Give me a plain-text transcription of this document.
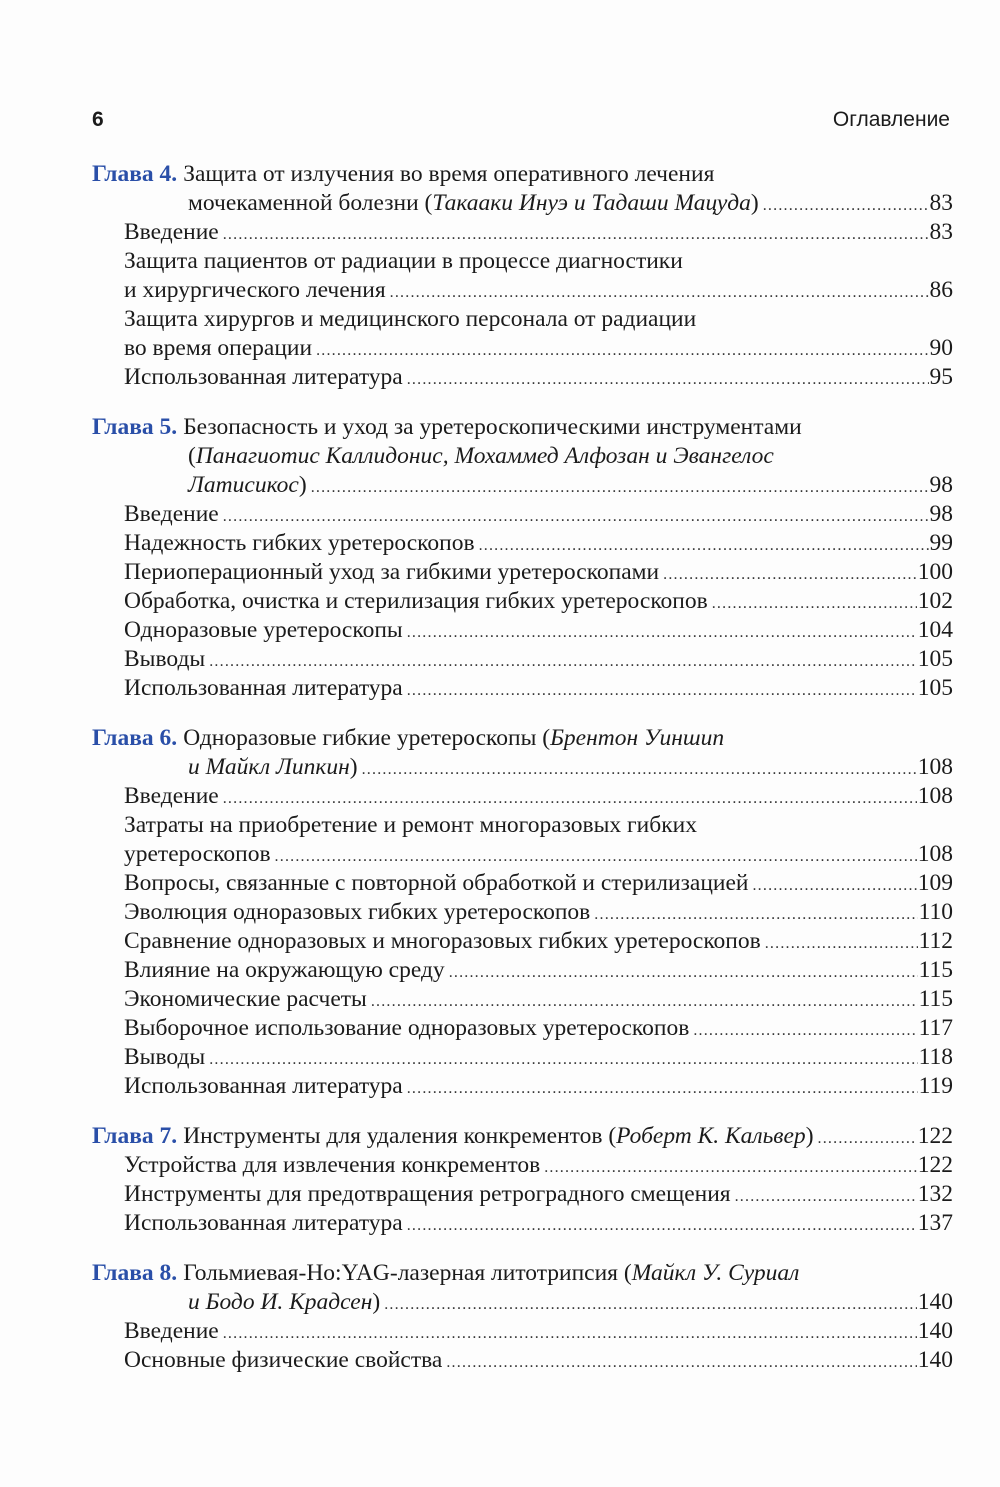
6	Оглавление
Глава 4. Защита от излучения во время оперативного лечения
мочекаменной болезни ( Такааки Инуэ и Тадаши Мацуда ) .....	83
Введение .....	83
Защита пациентов от радиации в процессе диагностики
и хирургического лечения .....	86
Защита хирургов и медицинского персонала от радиации
во время операции .....	90
Использованная литература .....	95
Глава 5. Безопасность и уход за уретероскопическими инструментами
( Панагиотис Каллидонис, Мохаммед Алфозан и Эвангелос
Латисикос ) .....	98
Введение .....	98
Надежность гибких уретероскопов .....	99
Периоперационный уход за гибкими уретероскопами .....	100
Обработка, очистка и стерилизация гибких уретероскопов .....	102
Одноразовые уретероскопы .....	104
Выводы .....	105
Использованная литература .....	105
Глава 6. Одноразовые гибкие уретероскопы ( Брентон Уиншип
и Майкл Липкин ) .....	108
Введение .....	108
Затраты на приобретение и ремонт многоразовых гибких
уретероскопов .....	108
Вопросы, связанные с повторной обработкой и стерилизацией .....	109
Эволюция одноразовых гибких уретероскопов .....	110
Сравнение одноразовых и многоразовых гибких уретероскопов .....	112
Влияние на окружающую среду .....	115
Экономические расчеты .....	115
Выборочное использование одноразовых уретероскопов .....	117
Выводы .....	118
Использованная литература .....	119
Глава 7. Инструменты для удаления конкрементов ( Роберт К. Кальвер ) .....	122
Устройства для извлечения конкрементов .....	122
Инструменты для предотвращения ретроградного смещения .....	132
Использованная литература .....	137
Глава 8. Гольмиевая-Ho:YAG-лазерная литотрипсия ( Майкл У. Суриал
и Бодо И. Крадсен ) .....	140
Введение .....	140
Основные физические свойства .....	140
